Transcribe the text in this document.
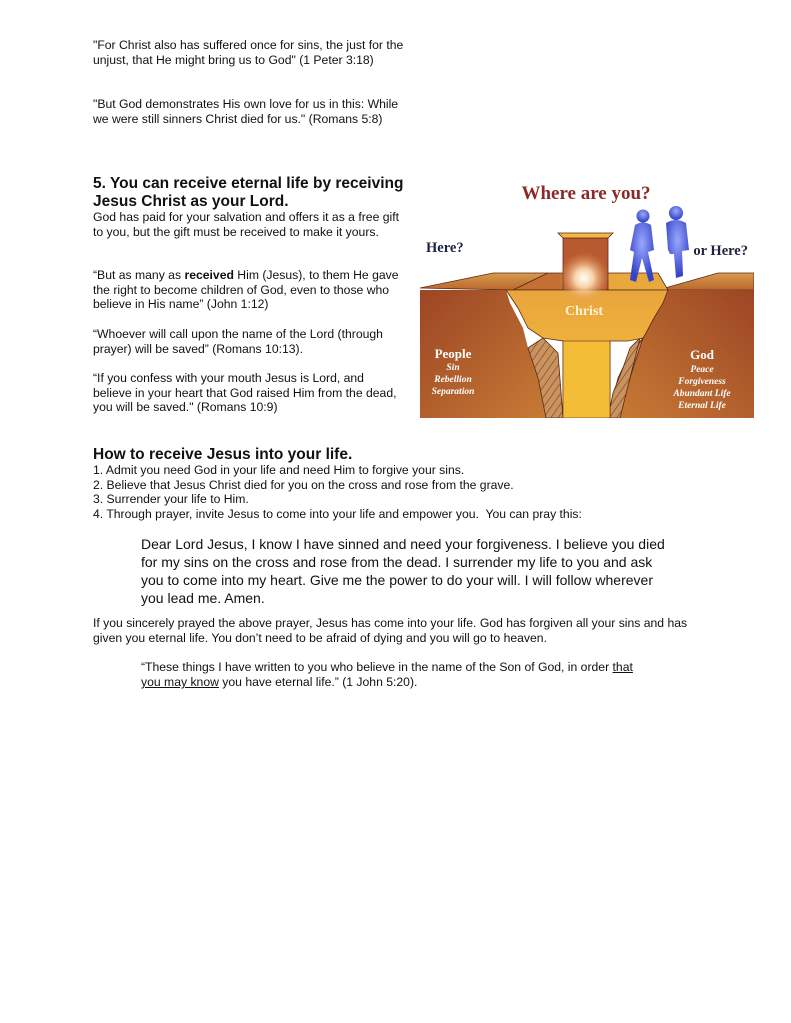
"For Christ also has suffered once for sins, the just for the unjust, that He might bring us to God" (1 Peter 3:18)

"But God demonstrates His own love for us in this: While we were still sinners Christ died for us." (Romans 5:8)

5. You can receive eternal life by receiving Jesus Christ as your Lord.

God has paid for your salvation and offers it as a free gift to you, but the gift must be received to make it yours.

“But as many as received Him (Jesus), to them He gave the right to become children of God, even to those who believe in His name” (John 1:12)

“Whoever will call upon the name of the Lord (through prayer) will be saved” (Romans 10:13).

“If you confess with your mouth Jesus is Lord, and believe in your heart that God raised Him from the dead, you will be saved." (Romans 10:9)

Where are you?
Here?	or Here?
Christ
People
Sin
Rebellion
Separation
God
Peace
Forgiveness
Abundant Life
Eternal Life

How to receive Jesus into your life.

1. Admit you need God in your life and need Him to forgive your sins.

2. Believe that Jesus Christ died for you on the cross and rose from the grave.

3. Surrender your life to Him.

4. Through prayer, invite Jesus to come into your life and empower you.  You can pray this:

Dear Lord Jesus, I know I have sinned and need your forgiveness. I believe you died for my sins on the cross and rose from the dead. I surrender my life to you and ask you to come into my heart. Give me the power to do your will. I will follow wherever you lead me. Amen.

If you sincerely prayed the above prayer, Jesus has come into your life. God has forgiven all your sins and has given you eternal life. You don’t need to be afraid of dying and you will go to heaven.

“These things I have written to you who believe in the name of the Son of God, in order that you may know you have eternal life.” (1 John 5:20).
